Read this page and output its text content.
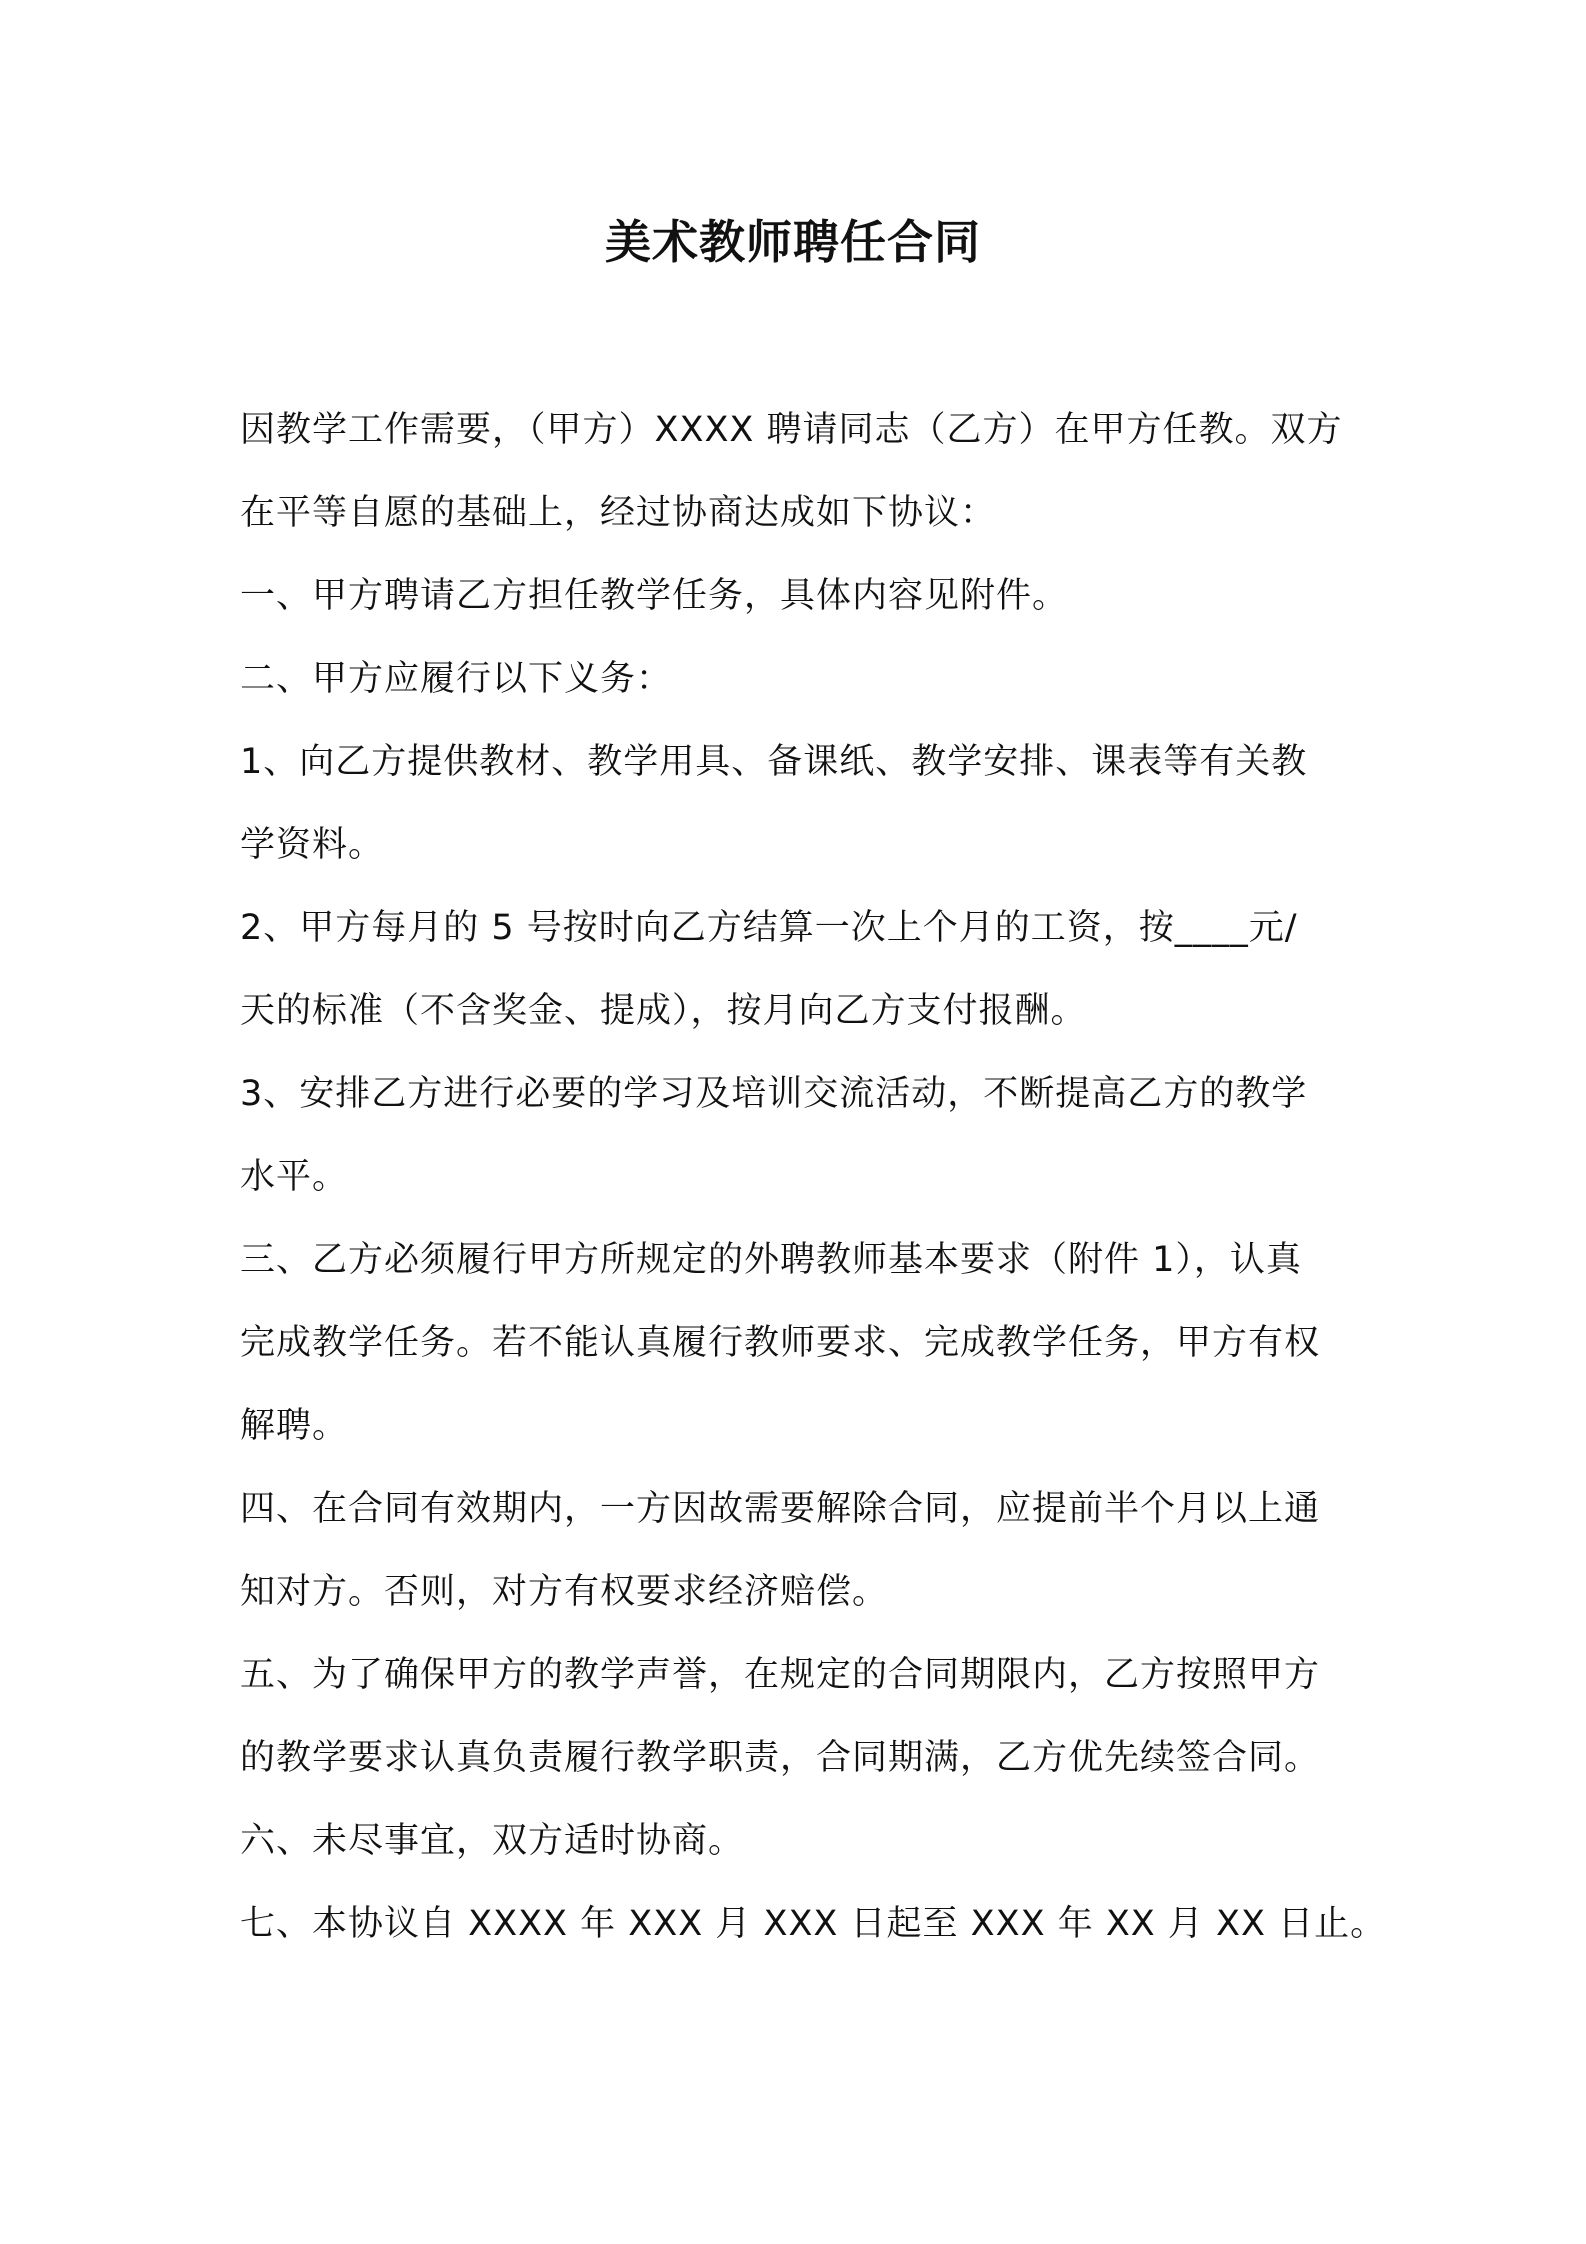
美术教师聘任合同
因教学工作需要，（甲方）XXXX 聘请同志（乙方）在甲方任教。双方
在平等自愿的基础上，经过协商达成如下协议：
一、甲方聘请乙方担任教学任务，具体内容见附件。
二、甲方应履行以下义务：
1、向乙方提供教材、教学用具、备课纸、教学安排、课表等有关教
学资料。
2、甲方每月的 5 号按时向乙方结算一次上个月的工资，按____元/
天的标准（不含奖金、提成），按月向乙方支付报酬。
3、安排乙方进行必要的学习及培训交流活动，不断提高乙方的教学
水平。
三、乙方必须履行甲方所规定的外聘教师基本要求（附件 1），认真
完成教学任务。若不能认真履行教师要求、完成教学任务，甲方有权
解聘。
四、在合同有效期内，一方因故需要解除合同，应提前半个月以上通
知对方。否则，对方有权要求经济赔偿。
五、为了确保甲方的教学声誉，在规定的合同期限内，乙方按照甲方
的教学要求认真负责履行教学职责，合同期满，乙方优先续签合同。
六、未尽事宜，双方适时协商。
七、本协议自 XXXX 年 XXX 月 XXX 日起至 XXX 年 XX 月 XX 日止。
